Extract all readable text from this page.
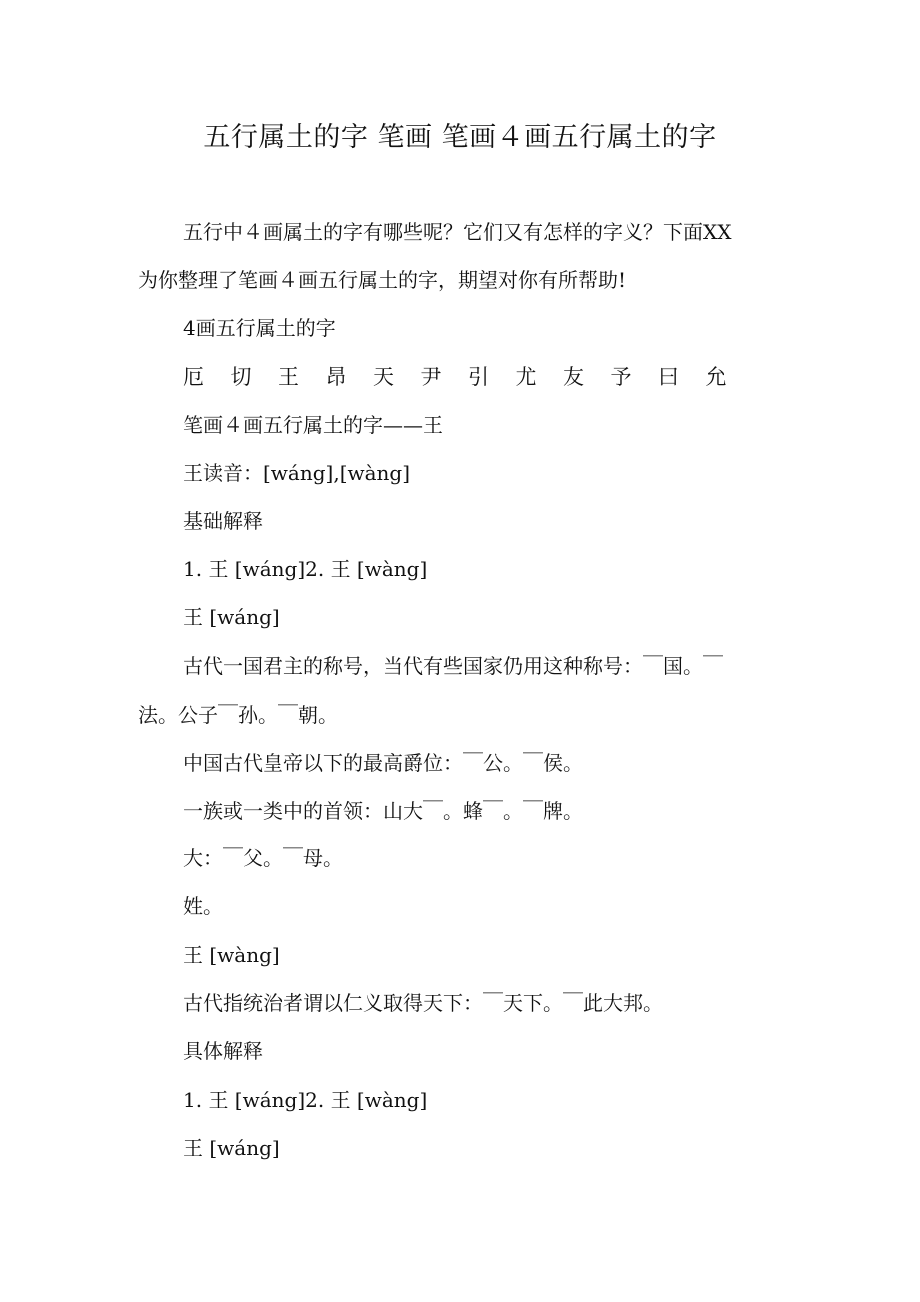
五行属土的字 笔画 笔画４画五行属土的字

五行中４画属土的字有哪些呢？它们又有怎样的字义？下面XX

为你整理了笔画４画五行属土的字，期望对你有所帮助!

4画五行属土的字

厄	切	王	昂	天	尹	引	尤	友	予	曰	允

笔画４画五行属土的字——王

王读音：[wáng],[wàng]

基础解释

1. 王 [wáng]2. 王 [wàng]

王 [wáng]

古代一国君主的称号，当代有些国家仍用这种称号：￣国。￣

法。公子￣孙。￣朝。

中国古代皇帝以下的最高爵位：￣公。￣侯。

一族或一类中的首领：山大￣。蜂￣。￣牌。

大：￣父。￣母。

姓。

王 [wàng]

古代指统治者谓以仁义取得天下：￣天下。￣此大邦。

具体解释

1. 王 [wáng]2. 王 [wàng]

王 [wáng]
